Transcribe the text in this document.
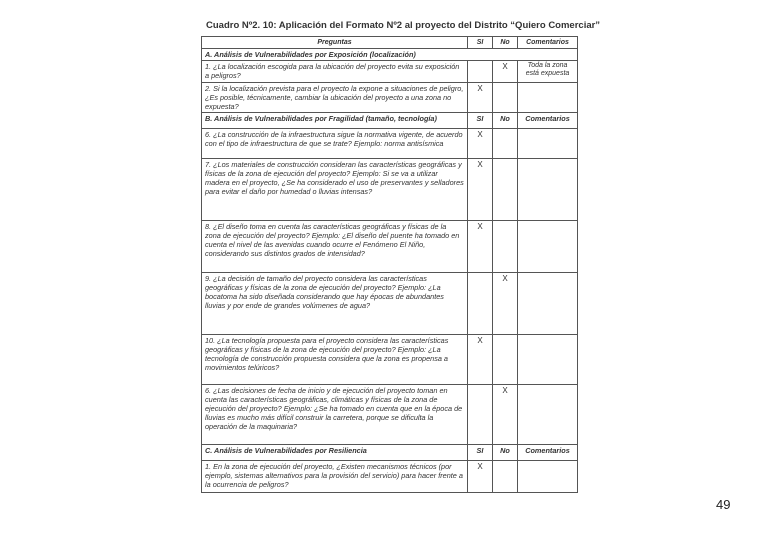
Cuadro Nº2. 10: Aplicación del Formato Nº2 al proyecto del Distrito “Quiero Comerciar”
Preguntas	SI	No	Comentarios
A. Análisis de Vulnerabilidades por Exposición (localización)			
1. ¿La localización escogida para la ubicación del proyecto evita su exposición a peligros?		X	Toda la zona está expuesta
2. Si la localización prevista para el proyecto la expone a situaciones de peligro, ¿Es posible, técnicamente, cambiar la ubicación del proyecto a una zona no expuesta?	X		
B. Análisis de Vulnerabilidades por Fragilidad (tamaño, tecnología)	SI	No	Comentarios
6. ¿La construcción de la infraestructura sigue la normativa vigente, de acuerdo con el tipo de infraestructura de que se trate? Ejemplo: norma antisísmica	X		
7. ¿Los materiales de construcción consideran las características geográficas y físicas de la zona de ejecución del proyecto? Ejemplo: Si se va a utilizar madera en el proyecto, ¿Se ha considerado el uso de preservantes y selladores para evitar el daño por humedad o lluvias intensas?	X		
8. ¿El diseño toma en cuenta las características geográficas y físicas de la zona de ejecución del proyecto? Ejemplo: ¿El diseño del puente ha tomado en cuenta el nivel de las avenidas cuando ocurre el Fenómeno El Niño, considerando sus distintos grados de intensidad?	X		
9. ¿La decisión de tamaño del proyecto considera las características geográficas y físicas de la zona de ejecución del proyecto? Ejemplo: ¿La bocatoma ha sido diseñada considerando que hay épocas de abundantes lluvias y por ende de grandes volúmenes de agua?		X	
10. ¿La tecnología propuesta para el proyecto considera las características geográficas y físicas de la zona de ejecución del proyecto? Ejemplo: ¿La tecnología de construcción propuesta considera que la zona es propensa a movimientos telúricos?	X		
6. ¿Las decisiones de fecha de inicio y de ejecución del proyecto toman en cuenta las características geográficas, climáticas y físicas de la zona de ejecución del proyecto? Ejemplo: ¿Se ha tomado en cuenta que en la época de lluvias es mucho más difícil construir la carretera, porque se dificulta la operación de la maquinaria?		X	
C. Análisis de Vulnerabilidades por Resiliencia	SI	No	Comentarios
1. En la zona de ejecución del proyecto, ¿Existen mecanismos técnicos (por ejemplo, sistemas alternativos para la provisión del servicio) para hacer frente a la ocurrencia de peligros?	X		
49
